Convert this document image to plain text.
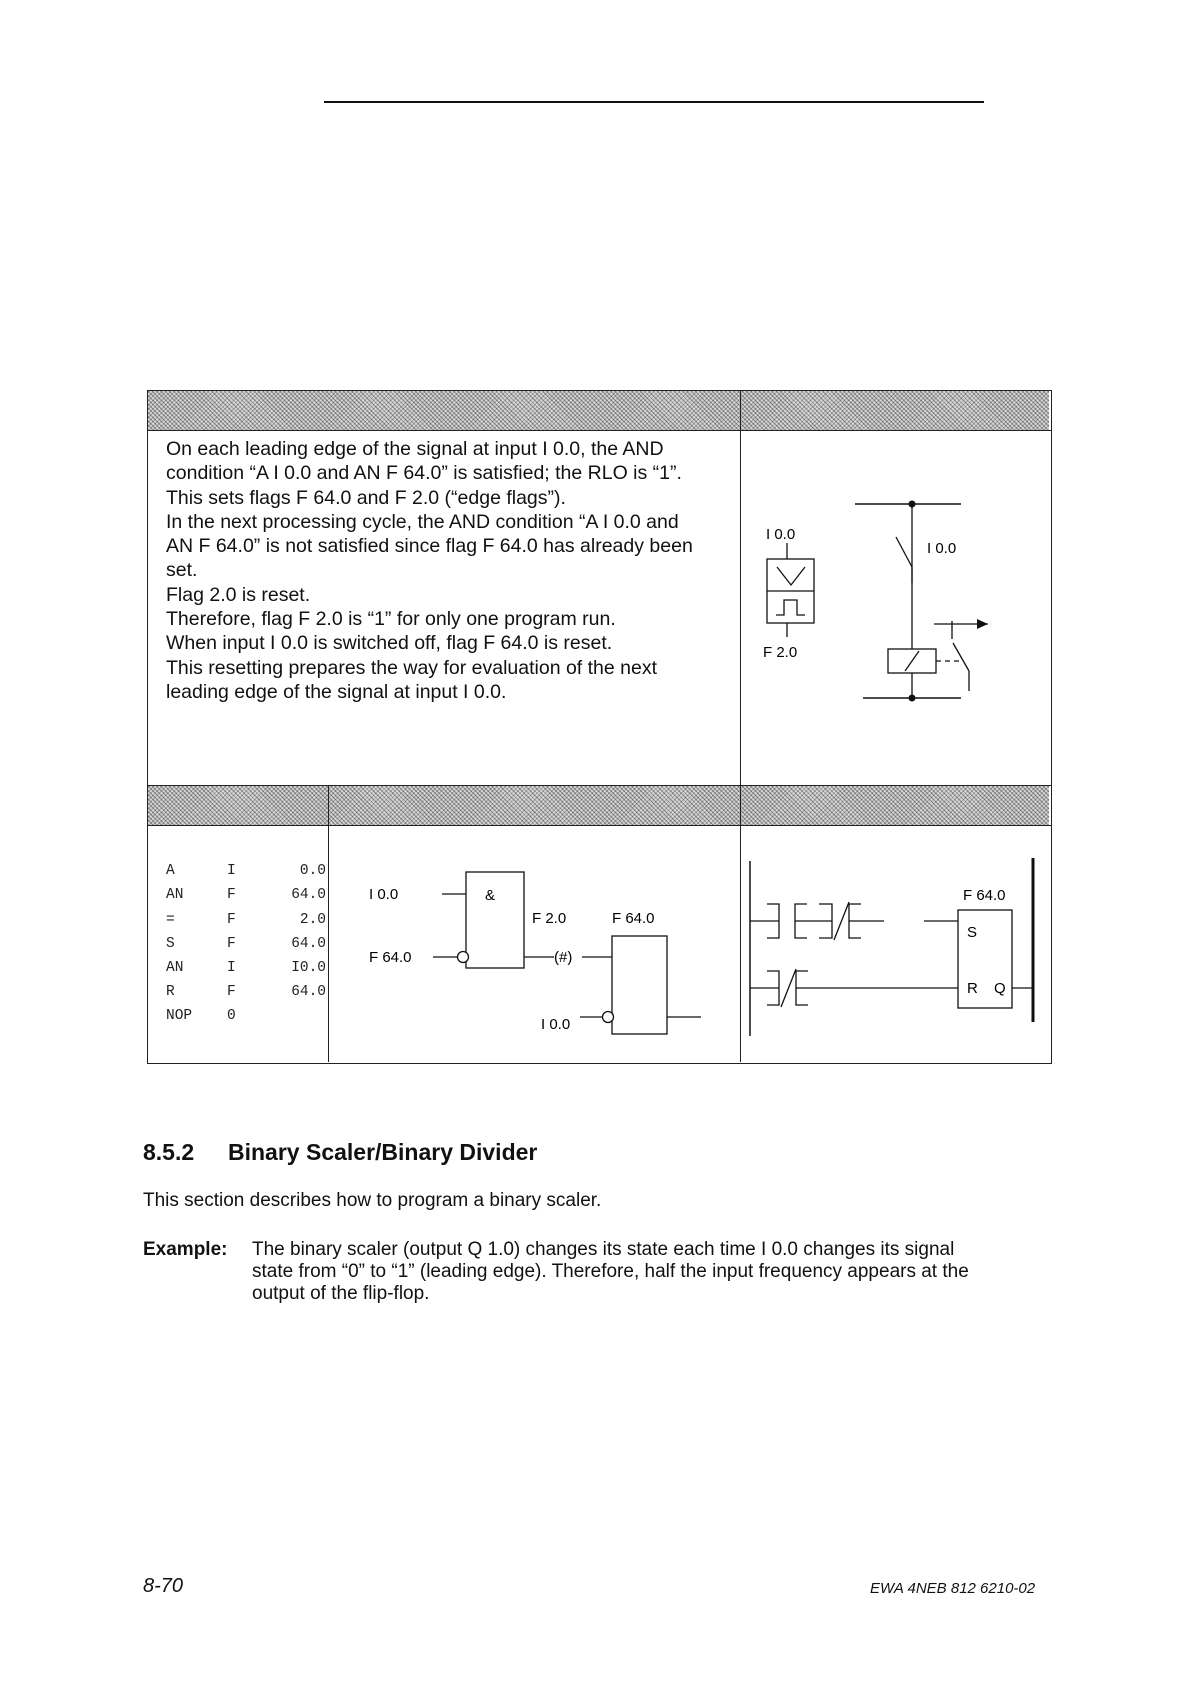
On each leading edge of the signal at input I 0.0, the AND
condition “A I 0.0 and AN F 64.0” is satisfied; the RLO is “1”.
This sets flags F 64.0 and F 2.0 (“edge flags”).
In the next processing cycle, the AND condition “A I 0.0 and
AN F 64.0” is not satisfied since flag F 64.0 has already been
set.
Flag 2.0 is reset.
Therefore, flag F 2.0 is “1” for only one program run.
When input I 0.0 is switched off, flag F 64.0 is reset.
This resetting prepares the way for evaluation of the next
leading edge of the signal at input I 0.0.
I 0.0
F 2.0
I 0.0
A	I	0.0
AN	F	64.0
=	F	2.0
S	F	64.0
AN	I	I0.0
R	F	64.0
NOP 0
I 0.0	&
F 64.0
F 2.0
(#)
F 64.0
I 0.0
F 64.0
S
R Q
8.5.2 Binary Scaler/Binary Divider
This section describes how to program a binary scaler.
Example: The binary scaler (output Q 1.0) changes its state each time I 0.0 changes its signal
state from “0” to “1” (leading edge). Therefore, half the input frequency appears at the
output of the flip-flop.
8-70	EWA 4NEB 812 6210-02
